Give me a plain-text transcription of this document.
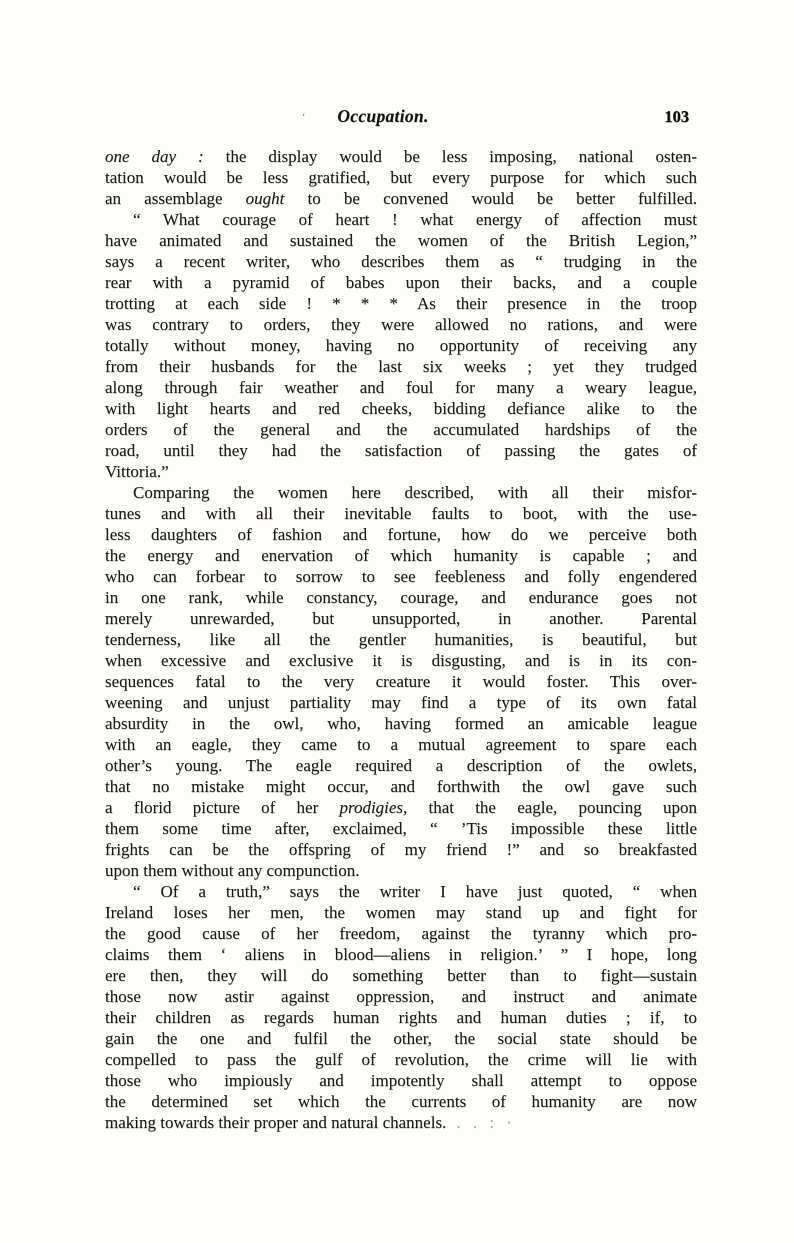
‘	Occupation.	103
one day : the display would be less imposing, national osten-
tation would be less gratified, but every purpose for which such
an assemblage ought to be convened would be better fulfilled.
“ What courage of heart ! what energy of affection must
have animated and sustained the women of the British Legion,”
says a recent writer, who describes them as “ trudging in the
rear with a pyramid of babes upon their backs, and a couple
trotting at each side ! * * * As their presence in the troop
was contrary to orders, they were allowed no rations, and were
totally without money, having no opportunity of receiving any
from their husbands for the last six weeks ; yet they trudged
along through fair weather and foul for many a weary league,
with light hearts and red cheeks, bidding defiance alike to the
orders of the general and the accumulated hardships of the
road, until they had the satisfaction of passing the gates of
Vittoria.”
Comparing the women here described, with all their misfor-
tunes and with all their inevitable faults to boot, with the use-
less daughters of fashion and fortune, how do we perceive both
the energy and enervation of which humanity is capable ; and
who can forbear to sorrow to see feebleness and folly engendered
in one rank, while constancy, courage, and endurance goes not
merely unrewarded, but unsupported, in another. Parental
tenderness, like all the gentler humanities, is beautiful, but
when excessive and exclusive it is disgusting, and is in its con-
sequences fatal to the very creature it would foster. This over-
weening and unjust partiality may find a type of its own fatal
absurdity in the owl, who, having formed an amicable league
with an eagle, they came to a mutual agreement to spare each
other’s young. The eagle required a description of the owlets,
that no mistake might occur, and forthwith the owl gave such
a florid picture of her prodigies, that the eagle, pouncing upon
them some time after, exclaimed, “ ’Tis impossible these little
frights can be the offspring of my friend !” and so breakfasted
upon them without any compunction.
“ Of a truth,” says the writer I have just quoted, “ when
Ireland loses her men, the women may stand up and fight for
the good cause of her freedom, against the tyranny which pro-
claims them ‘ aliens in blood—aliens in religion.’ ” I hope, long
ere then, they will do something better than to fight—sustain
those now astir against oppression, and instruct and animate
their children as regards human rights and human duties ; if, to
gain the one and fulfil the other, the social state should be
compelled to pass the gulf of revolution, the crime will lie with
those who impiously and impotently shall attempt to oppose
the determined set which the currents of humanity are now
making towards their proper and natural channels. . . : ·
